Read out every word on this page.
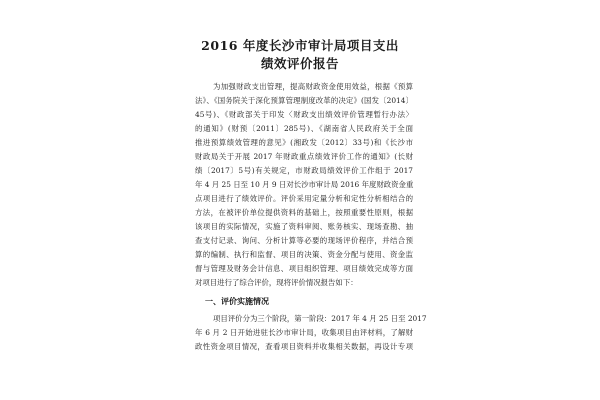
2016 年度长沙市审计局项目支出
绩效评价报告
为加强财政支出管理，提高财政资金使用效益，根据《预算
法》、《国务院关于深化预算管理制度改革的决定》(国发〔2014〕
45号)、《财政部关于印发〈财政支出绩效评价管理暂行办法〉
的通知》(财预〔2011〕285号)、《湖南省人民政府关于全面
推进预算绩效管理的意见》(湘政发〔2012〕33号)和《长沙市
财政局关于开展 2017 年财政重点绩效评价工作的通知》(长财
绩〔2017〕5号)有关规定，市财政局绩效评价工作组于 2017
年 4 月 25 日至 10 月 9 日对长沙市审计局 2016 年度财政资金重
点项目进行了绩效评价。评价采用定量分析和定性分析相结合的
方法，在被评价单位提供资料的基础上，按照重要性原则，根据
该项目的实际情况，实施了资料审阅、账务核实、现场查勘、抽
查支付记录、询问、分析计算等必要的现场评价程序，并结合预
算的编制、执行和监督、项目的决策、资金分配与使用、资金监
督与管理及财务会计信息、项目组织管理、项目绩效完成等方面
对项目进行了综合评价，现将评价情况报告如下：
一、评价实施情况
项目评价分为三个阶段，第一阶段：2017 年 4 月 25 日至 2017
年 6 月 2 日开始进驻长沙市审计局，收集项目由评材料，了解财
政性资金项目情况，查看项目资料并收集相关数据，再设计专项
